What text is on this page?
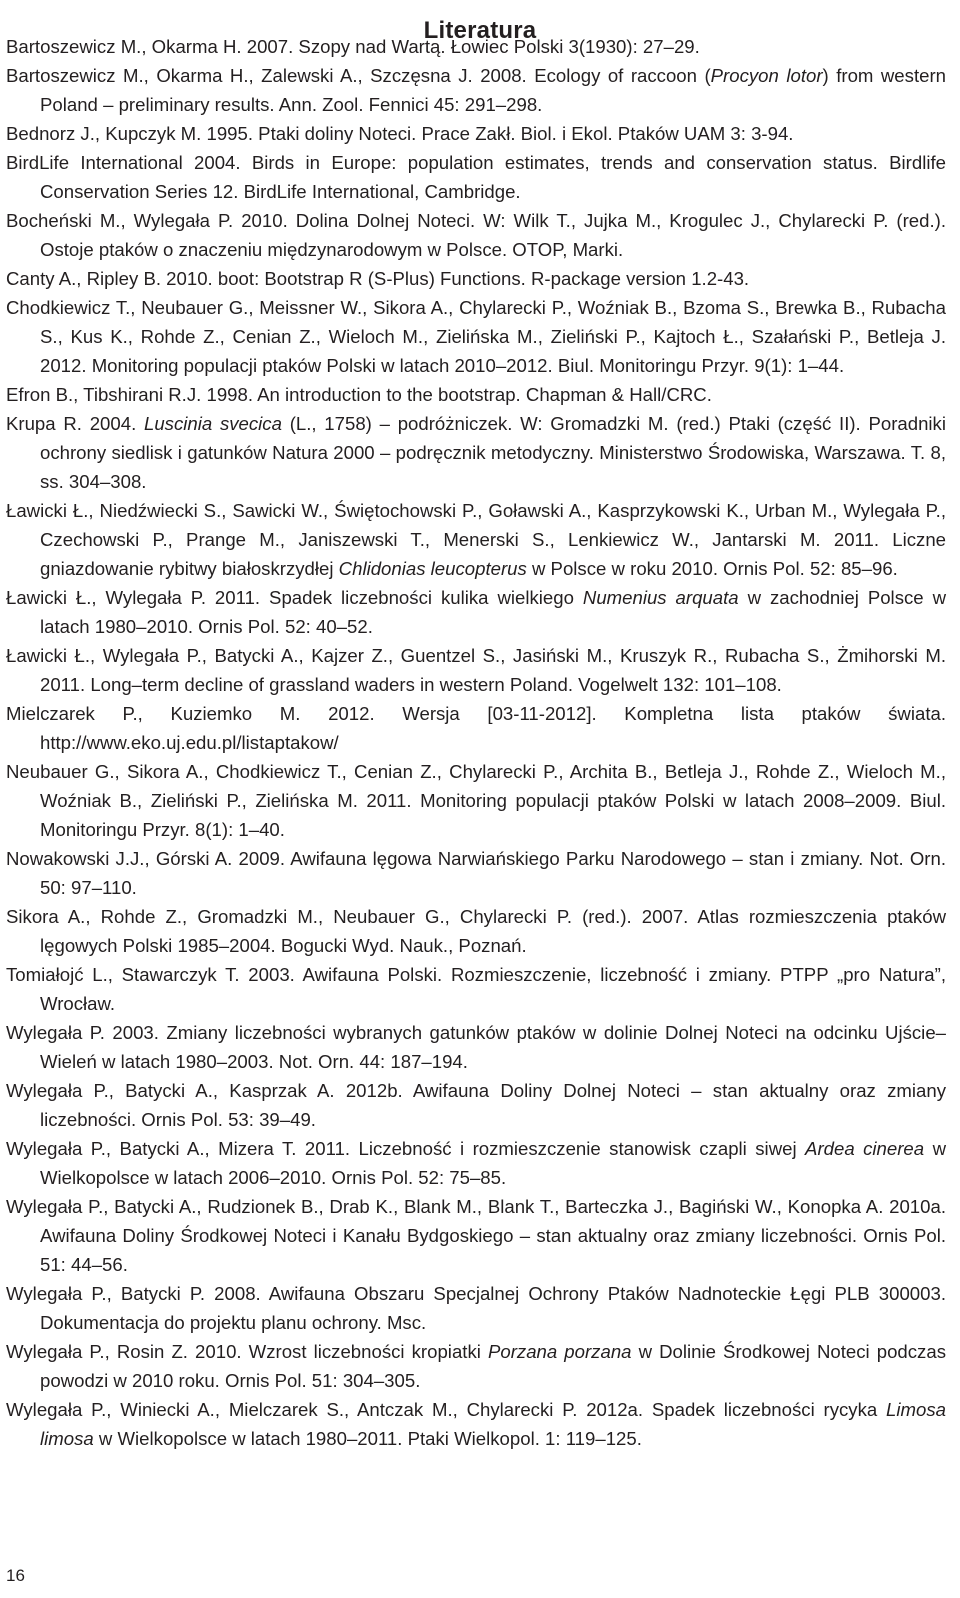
Literatura

Bartoszewicz M., Okarma H. 2007. Szopy nad Wartą. Łowiec Polski 3(1930): 27–29.

Bartoszewicz M., Okarma H., Zalewski A., Szczęsna J. 2008. Ecology of raccoon (Procyon lotor) from western Poland – preliminary results. Ann. Zool. Fennici 45: 291–298.

Bednorz J., Kupczyk M. 1995. Ptaki doliny Noteci. Prace Zakł. Biol. i Ekol. Ptaków UAM 3: 3-94.

BirdLife International 2004. Birds in Europe: population estimates, trends and conservation status. Birdlife Conservation Series 12. BirdLife International, Cambridge.

Bocheński M., Wylegała P. 2010. Dolina Dolnej Noteci. W: Wilk T., Jujka M., Krogulec J., Chylarecki P. (red.). Ostoje ptaków o znaczeniu międzynarodowym w Polsce. OTOP, Marki.

Canty A., Ripley B. 2010. boot: Bootstrap R (S-Plus) Functions. R-package version 1.2-43.

Chodkiewicz T., Neubauer G., Meissner W., Sikora A., Chylarecki P., Woźniak B., Bzoma S., Brewka B., Rubacha S., Kus K., Rohde Z., Cenian Z., Wieloch M., Zielińska M., Zieliński P., Kajtoch Ł., Szałański P., Betleja J. 2012. Monitoring populacji ptaków Polski w latach 2010–2012. Biul. Monitoringu Przyr. 9(1): 1–44.

Efron B., Tibshirani R.J. 1998. An introduction to the bootstrap. Chapman & Hall/CRC.

Krupa R. 2004. Luscinia svecica (L., 1758) – podróżniczek. W: Gromadzki M. (red.) Ptaki (część II). Poradniki ochrony siedlisk i gatunków Natura 2000 – podręcznik metodyczny. Ministerstwo Środowiska, Warszawa. T. 8, ss. 304–308.

Ławicki Ł., Niedźwiecki S., Sawicki W., Świętochowski P., Goławski A., Kasprzykowski K., Urban M., Wylegała P., Czechowski P., Prange M., Janiszewski T., Menerski S., Lenkiewicz W., Jantarski M. 2011. Liczne gniazdowanie rybitwy białoskrzydłej Chlidonias leucopterus w Polsce w roku 2010. Ornis Pol. 52: 85–96.

Ławicki Ł., Wylegała P. 2011. Spadek liczebności kulika wielkiego Numenius arquata w zachodniej Polsce w latach 1980–2010. Ornis Pol. 52: 40–52.

Ławicki Ł., Wylegała P., Batycki A., Kajzer Z., Guentzel S., Jasiński M., Kruszyk R., Rubacha S., Żmihorski M. 2011. Long–term decline of grassland waders in western Poland. Vogelwelt 132: 101–108.

Mielczarek P., Kuziemko M. 2012. Wersja [03-11-2012]. Kompletna lista ptaków świata. http://www.eko.uj.edu.pl/listaptakow/

Neubauer G., Sikora A., Chodkiewicz T., Cenian Z., Chylarecki P., Archita B., Betleja J., Rohde Z., Wieloch M., Woźniak B., Zieliński P., Zielińska M. 2011. Monitoring populacji ptaków Polski w latach 2008–2009. Biul. Monitoringu Przyr. 8(1): 1–40.

Nowakowski J.J., Górski A. 2009. Awifauna lęgowa Narwiańskiego Parku Narodowego – stan i zmiany. Not. Orn. 50: 97–110.

Sikora A., Rohde Z., Gromadzki M., Neubauer G., Chylarecki P. (red.). 2007. Atlas rozmieszczenia ptaków lęgowych Polski 1985–2004. Bogucki Wyd. Nauk., Poznań.

Tomiałojć L., Stawarczyk T. 2003. Awifauna Polski. Rozmieszczenie, liczebność i zmiany. PTPP „pro Natura”, Wrocław.

Wylegała P. 2003. Zmiany liczebności wybranych gatunków ptaków w dolinie Dolnej Noteci na odcinku Ujście–Wieleń w latach 1980–2003. Not. Orn. 44: 187–194.

Wylegała P., Batycki A., Kasprzak A. 2012b. Awifauna Doliny Dolnej Noteci – stan aktualny oraz zmiany liczebności. Ornis Pol. 53: 39–49.

Wylegała P., Batycki A., Mizera T. 2011. Liczebność i rozmieszczenie stanowisk czapli siwej Ardea cinerea w Wielkopolsce w latach 2006–2010. Ornis Pol. 52: 75–85.

Wylegała P., Batycki A., Rudzionek B., Drab K., Blank M., Blank T., Barteczka J., Bagiński W., Konopka A. 2010a. Awifauna Doliny Środkowej Noteci i Kanału Bydgoskiego – stan aktualny oraz zmiany liczebności. Ornis Pol. 51: 44–56.

Wylegała P., Batycki P. 2008. Awifauna Obszaru Specjalnej Ochrony Ptaków Nadnoteckie Łęgi PLB 300003. Dokumentacja do projektu planu ochrony. Msc.

Wylegała P., Rosin Z. 2010. Wzrost liczebności kropiatki Porzana porzana w Dolinie Środkowej Noteci podczas powodzi w 2010 roku. Ornis Pol. 51: 304–305.

Wylegała P., Winiecki A., Mielczarek S., Antczak M., Chylarecki P. 2012a. Spadek liczebności rycyka Limosa limosa w Wielkopolsce w latach 1980–2011. Ptaki Wielkopol. 1: 119–125.

16
